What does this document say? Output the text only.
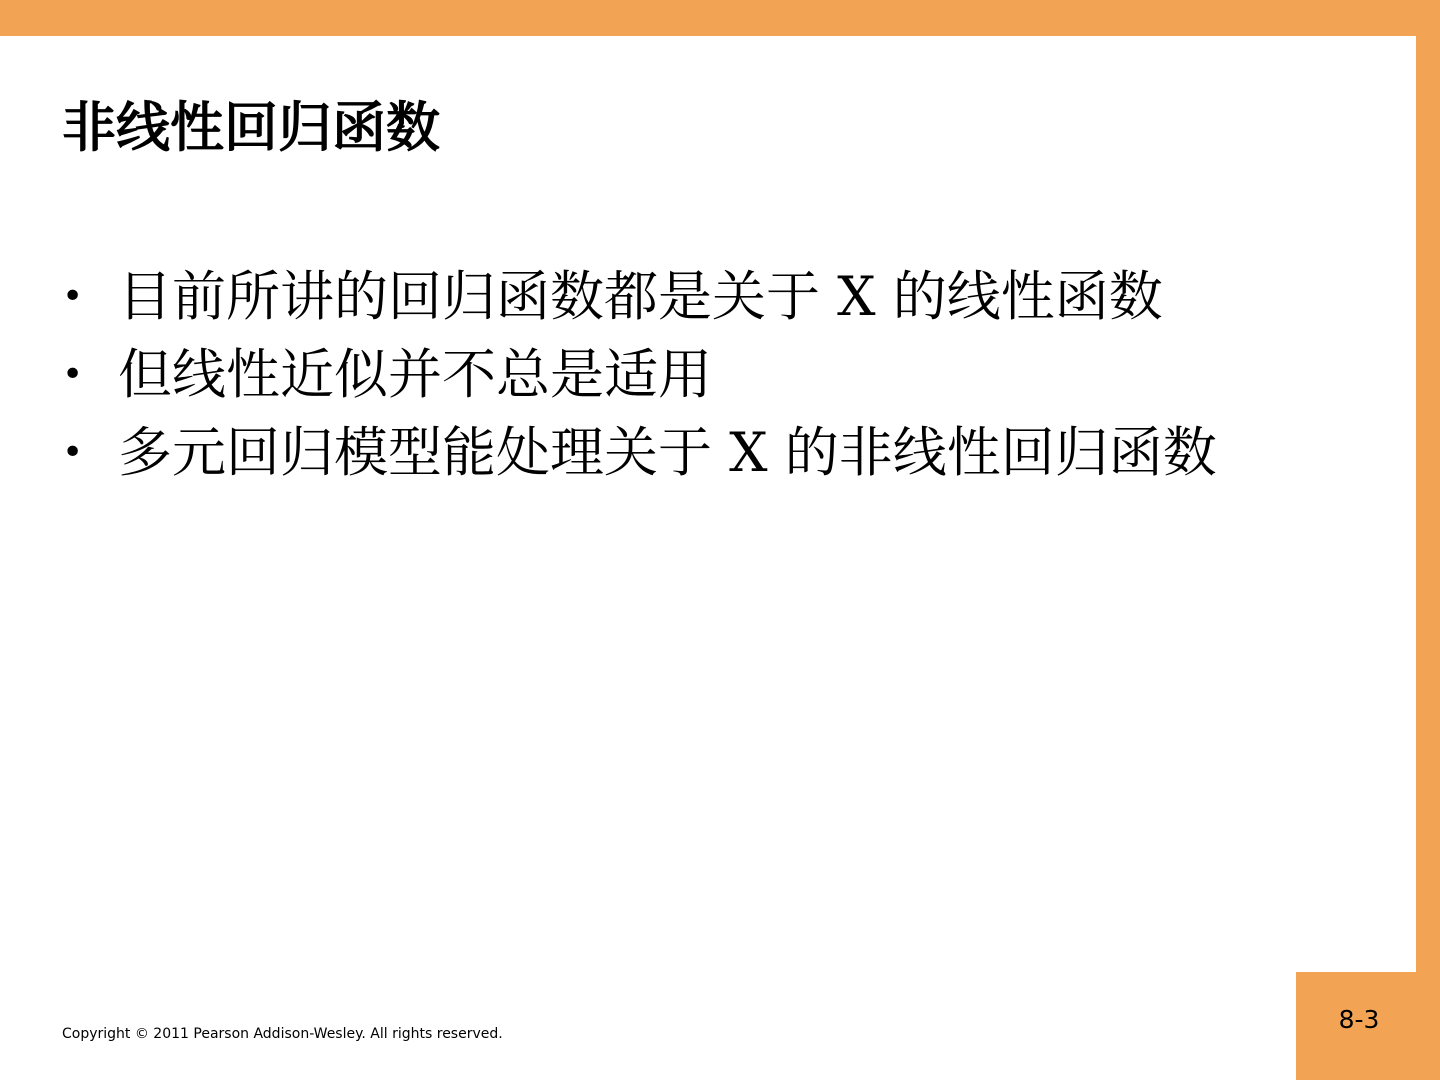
8-3
非线性回归函数
• 目前所讲的回归函数都是关于 X 的线性函数
• 但线性近似并不总是适用
• 多元回归模型能处理关于 X 的非线性回归函数
Copyright © 2011 Pearson Addison-Wesley. All rights reserved.
